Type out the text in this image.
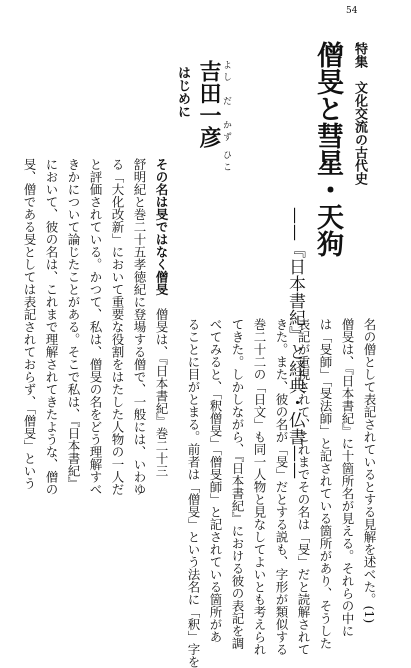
54
特集　文化交流の古代史
僧旻と彗星・天狗
——『日本書紀』と経典・仏書——
よし　だ　かず ひこ
吉田一彦
はじめに

その名は旻ではなく僧旻　僧旻は、『日本書紀』巻二十三

舒明紀と巻二十五孝徳紀に登場する僧で、一般には、いわゆ

る「大化改新」において重要な役割をはたした人物の一人だ

と評価されている。かつて、私は、僧旻の名をどう理解すべ

きかについて論じたことがある。そこで私は、『日本書紀』

において、彼の名は、これまで理解されてきたような、僧の

旻、僧である旻としては表記されておらず、「僧旻」という	名の僧として表記されているとする見解を述べた。(1)

僧旻は、『日本書紀』に十箇所名が見える。それらの中に

は「旻師」「旻法師」と記されている箇所があり、そうした

表記が重視されて、これまでその名は「旻」だと読解されて

きた。また、彼の名が「旻」だとする説も、字形が類似する

巻二十二の「日文」も同一人物と見なしてよいとも考えられ

てきた。しかしながら、『日本書紀』における彼の表記を調

べてみると、「釈僧旻」「僧旻師」と記されている箇所があ

ることに目がとまる。前者は「僧旻」という法名に「釈」字を
